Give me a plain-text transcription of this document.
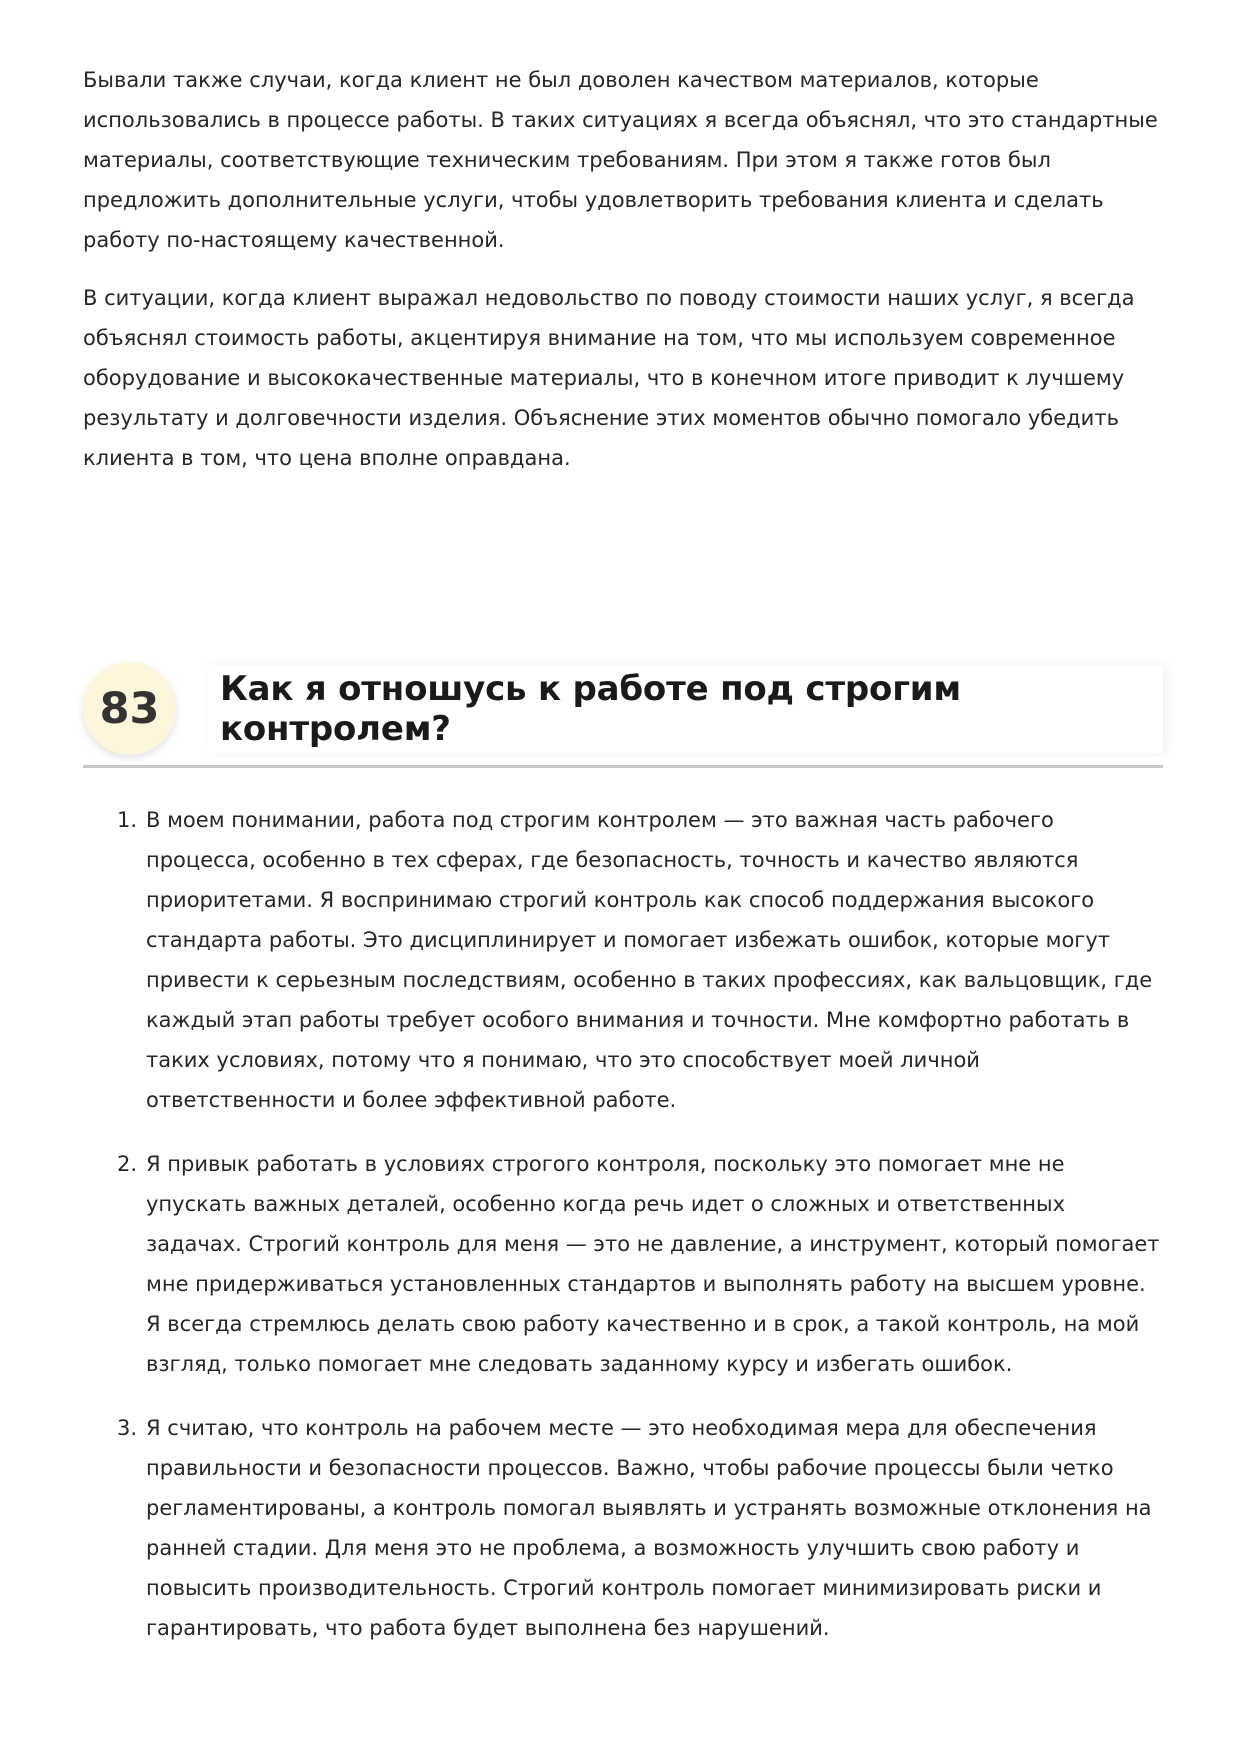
Бывали также случаи, когда клиент не был доволен качеством материалов, которые использовались в процессе работы. В таких ситуациях я всегда объяснял, что это стандартные материалы, соответствующие техническим требованиям. При этом я также готов был предложить дополнительные услуги, чтобы удовлетворить требования клиента и сделать работу по-настоящему качественной.

В ситуации, когда клиент выражал недовольство по поводу стоимости наших услуг, я всегда объяснял стоимость работы, акцентируя внимание на том, что мы используем современное оборудование и высококачественные материалы, что в конечном итоге приводит к лучшему результату и долговечности изделия. Объяснение этих моментов обычно помогало убедить клиента в том, что цена вполне оправдана.

83	Как я отношусь к работе под строгим контролем?
1. В моем понимании, работа под строгим контролем — это важная часть рабочего процесса, особенно в тех сферах, где безопасность, точность и качество являются приоритетами. Я воспринимаю строгий контроль как способ поддержания высокого стандарта работы. Это дисциплинирует и помогает избежать ошибок, которые могут привести к серьезным последствиям, особенно в таких профессиях, как вальцовщик, где каждый этап работы требует особого внимания и точности. Мне комфортно работать в таких условиях, потому что я понимаю, что это способствует моей личной ответственности и более эффективной работе.
2. Я привык работать в условиях строгого контроля, поскольку это помогает мне не упускать важных деталей, особенно когда речь идет о сложных и ответственных задачах. Строгий контроль для меня — это не давление, а инструмент, который помогает мне придерживаться установленных стандартов и выполнять работу на высшем уровне. Я всегда стремлюсь делать свою работу качественно и в срок, а такой контроль, на мой взгляд, только помогает мне следовать заданному курсу и избегать ошибок.
3. Я считаю, что контроль на рабочем месте — это необходимая мера для обеспечения правильности и безопасности процессов. Важно, чтобы рабочие процессы были четко регламентированы, а контроль помогал выявлять и устранять возможные отклонения на ранней стадии. Для меня это не проблема, а возможность улучшить свою работу и повысить производительность. Строгий контроль помогает минимизировать риски и гарантировать, что работа будет выполнена без нарушений.
